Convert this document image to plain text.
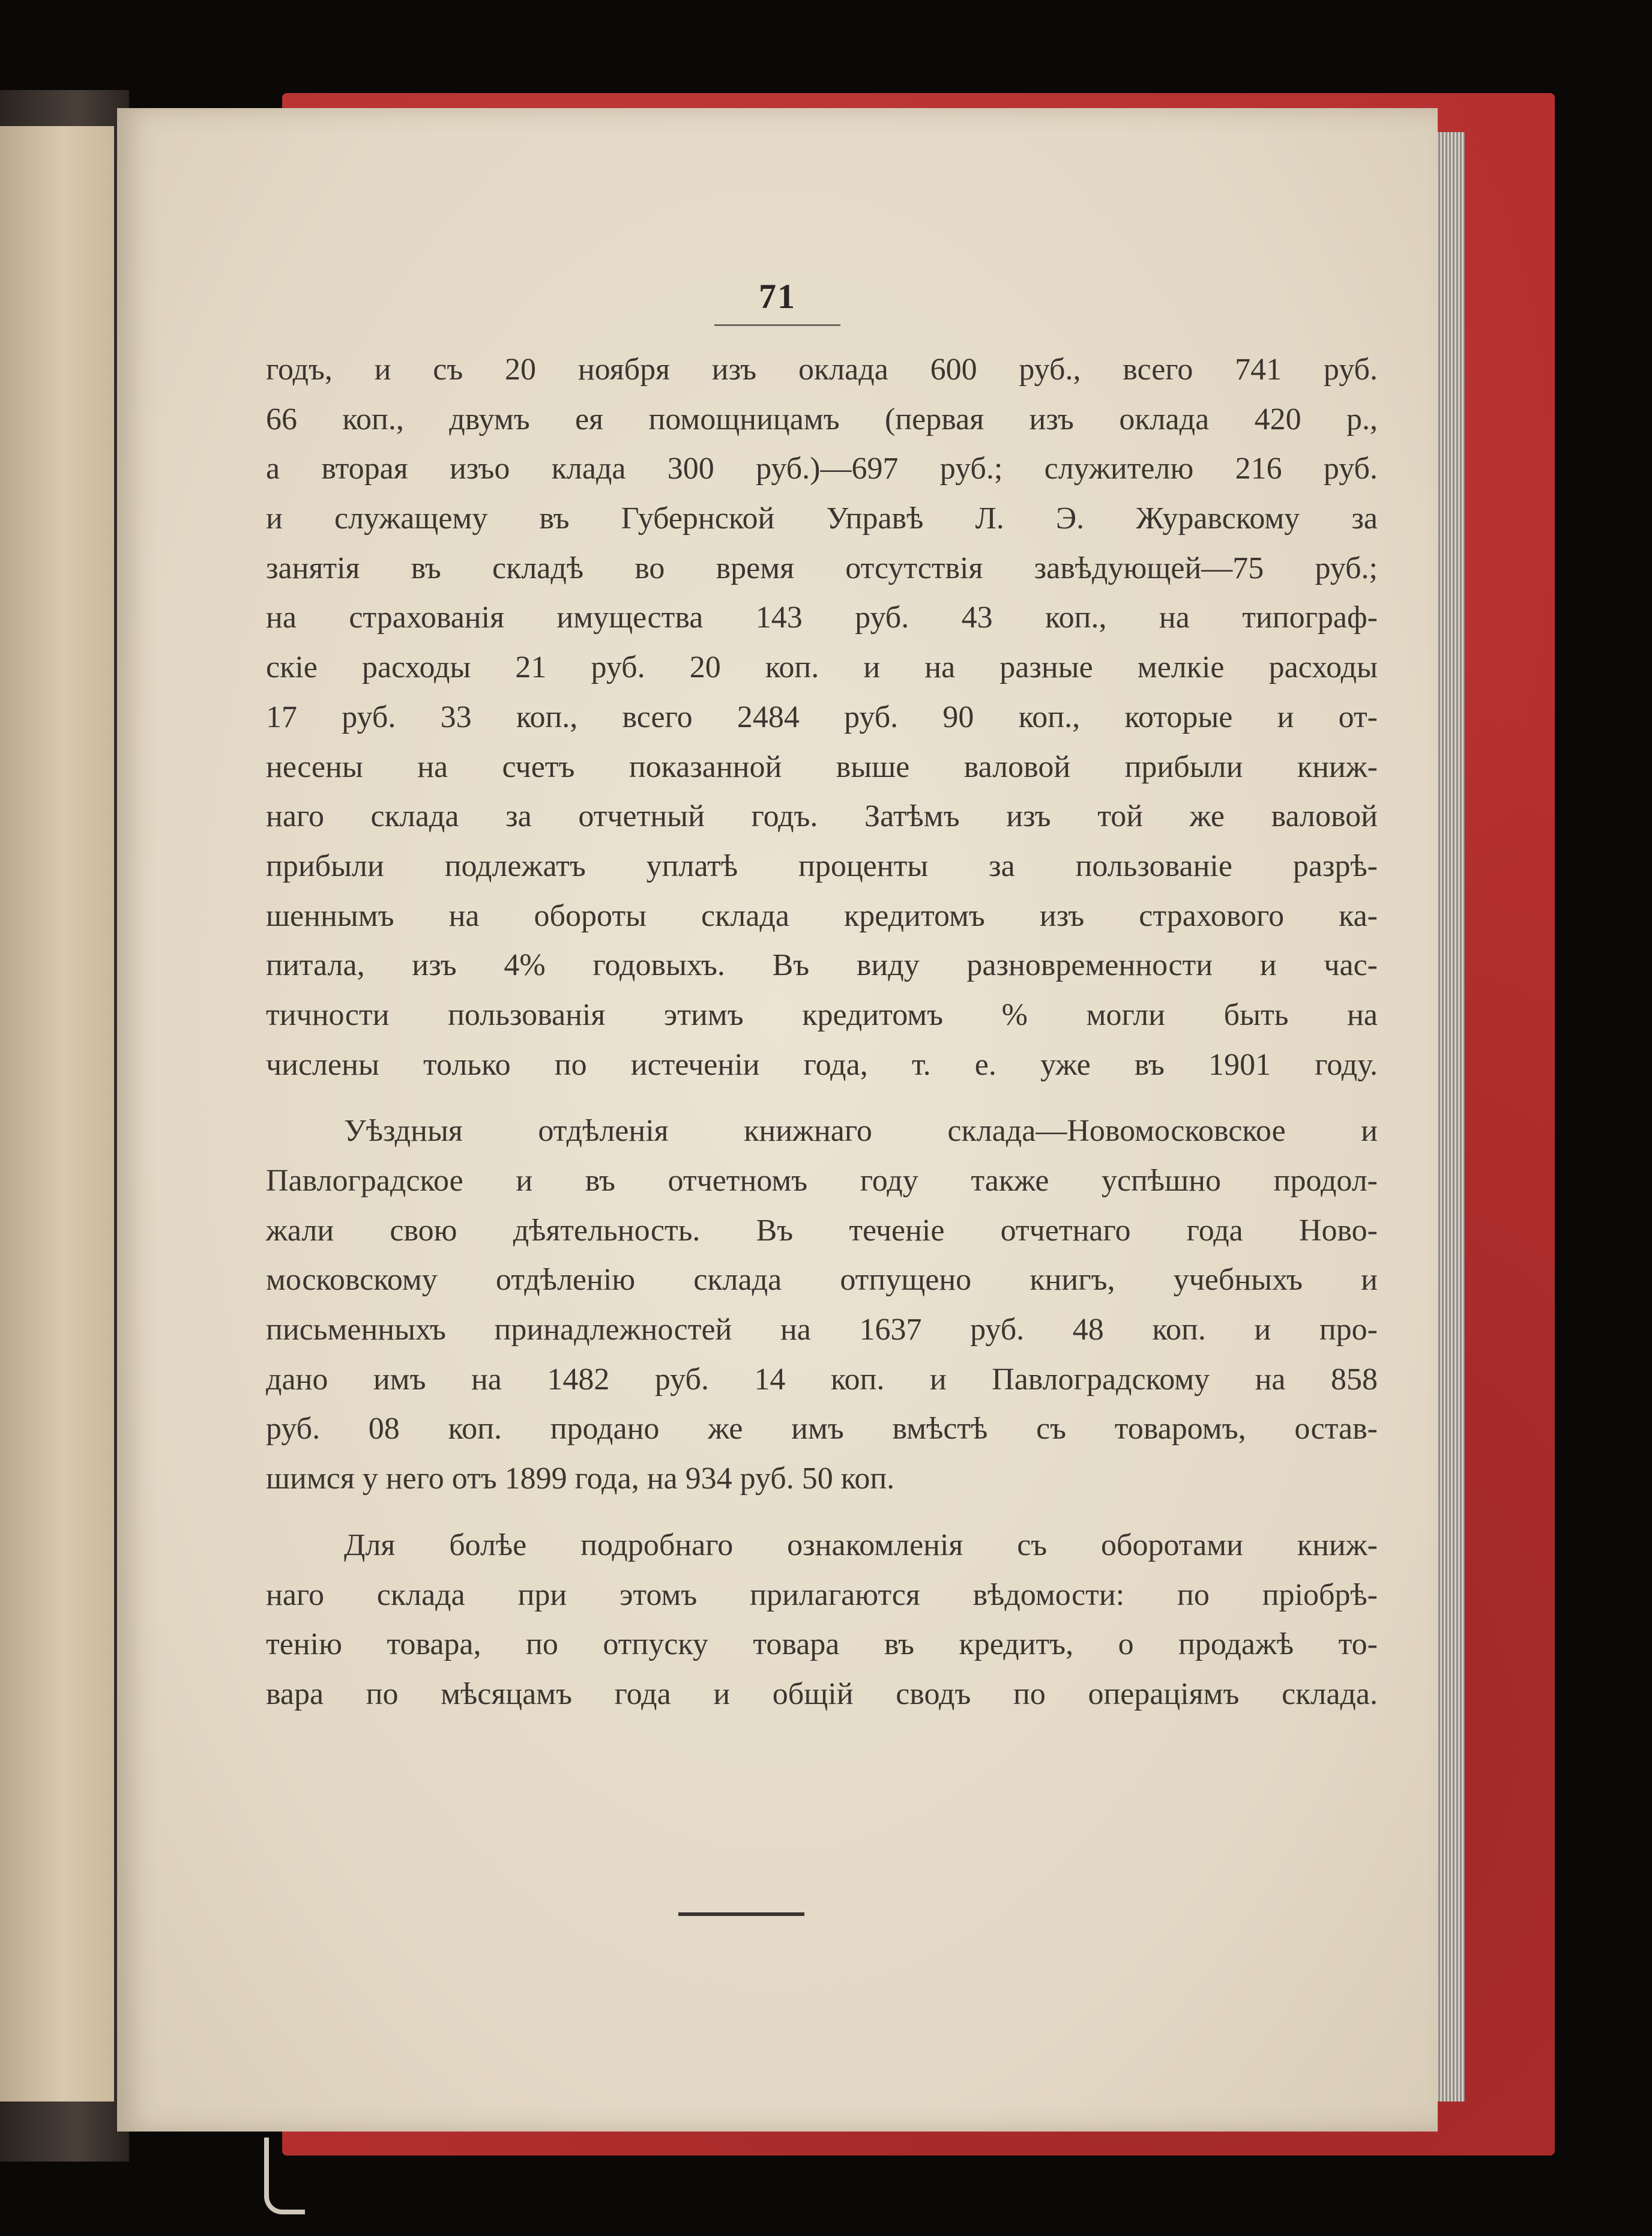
71
годъ, и съ 20 ноября изъ оклада 600 руб., всего 741 руб.
66 коп., двумъ ея помощницамъ (первая изъ оклада 420 р.,
а вторая изъо клада 300 руб.)—697 руб.; служителю 216 руб.
и служащему въ Губернской Управѣ Л. Э. Журавскому за
занятія въ складѣ во время отсутствія завѣдующей—75 руб.;
на страхованія имущества 143 руб. 43 коп., на типограф-
скіе расходы 21 руб. 20 коп. и на разные мелкіе расходы
17 руб. 33 коп., всего 2484 руб. 90 коп., которые и от-
несены на счетъ показанной выше валовой прибыли книж-
наго склада за отчетный годъ. Затѣмъ изъ той же валовой
прибыли подлежатъ уплатѣ проценты за пользованіе разрѣ-
шеннымъ на обороты склада кредитомъ изъ страхового ка-
питала, изъ 4% годовыхъ. Въ виду разновременности и час-
тичности пользованія этимъ кредитомъ % могли быть на
числены только по истеченіи года, т. е. уже въ 1901 году.
Уѣздныя отдѣленія книжнаго склада—Новомосковское и
Павлоградское и въ отчетномъ году также успѣшно продол-
жали свою дѣятельность. Въ теченіе отчетнаго года Ново-
московскому отдѣленію склада отпущено книгъ, учебныхъ и
письменныхъ принадлежностей на 1637 руб. 48 коп. и про-
дано имъ на 1482 руб. 14 коп. и Павлоградскому на 858
руб. 08 коп. продано же имъ вмѣстѣ съ товаромъ, остав-
шимся у него отъ 1899 года, на 934 руб. 50 коп.
Для болѣе подробнаго ознакомленія съ оборотами книж-
наго склада при этомъ прилагаются вѣдомости: по пріобрѣ-
тенію товара, по отпуску товара въ кредитъ, о продажѣ то-
вара по мѣсяцамъ года и общій сводъ по операціямъ склада.
